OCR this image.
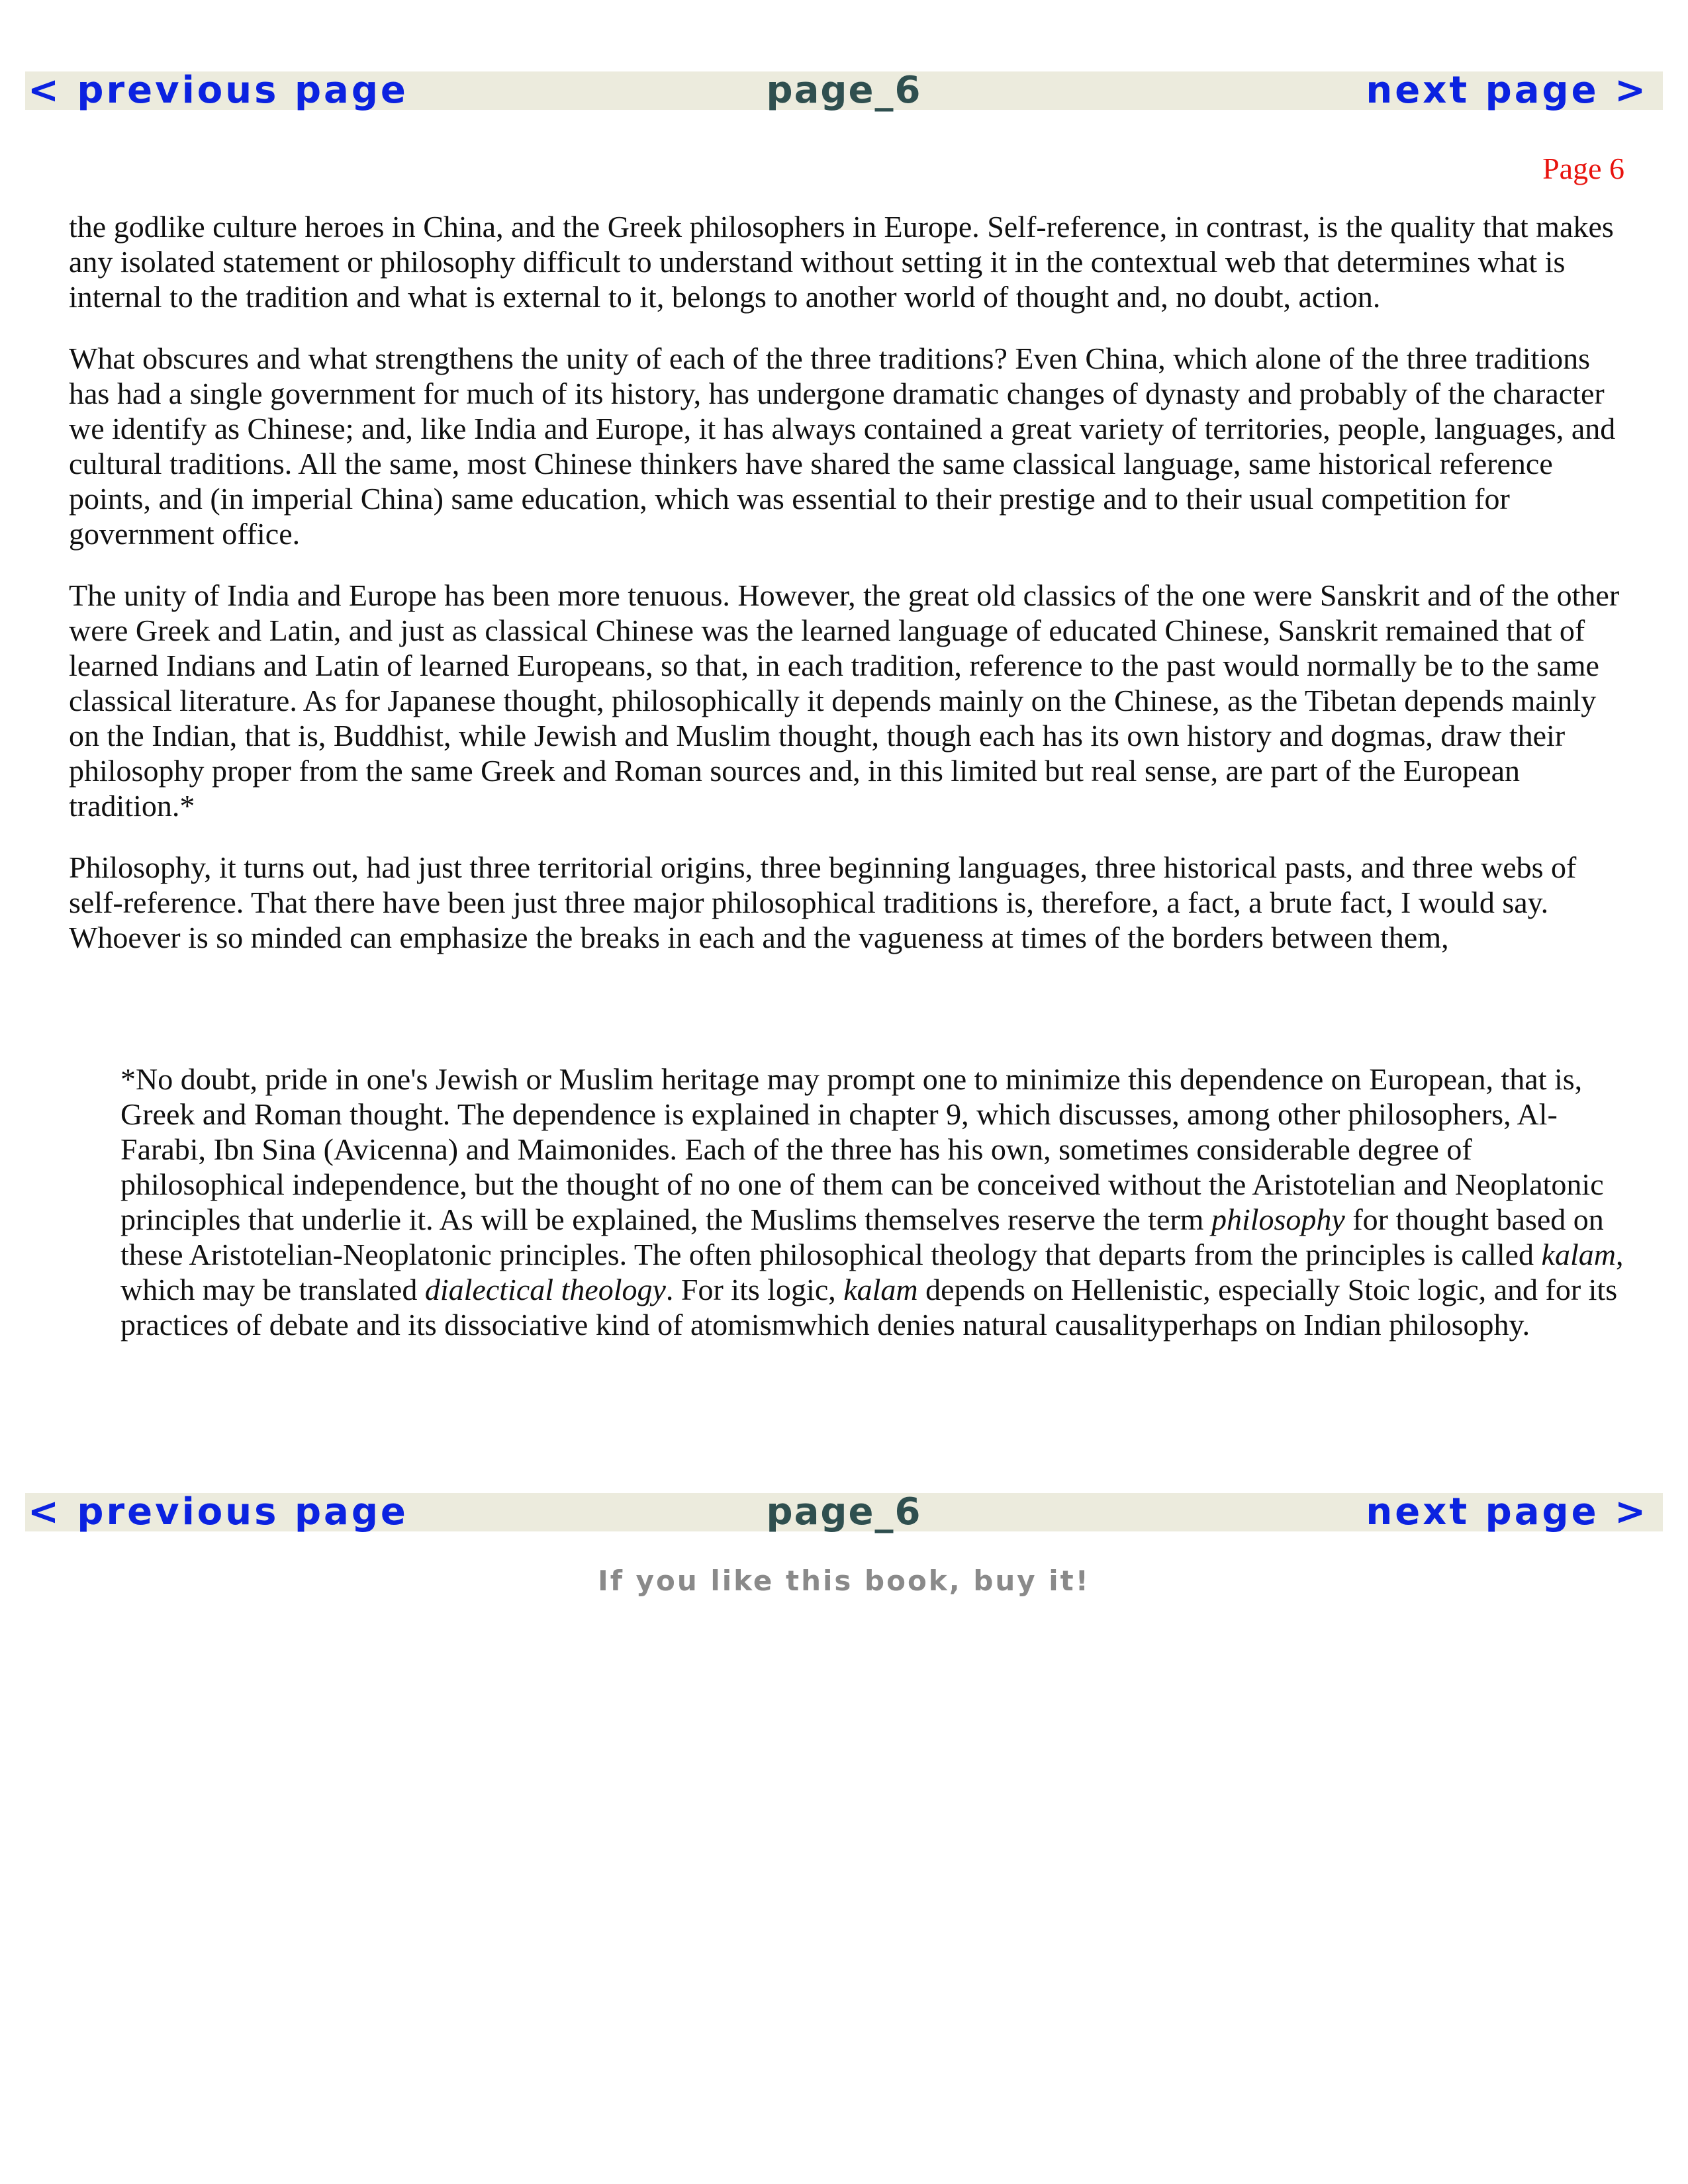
< previous page	page_6	next page >
Page 6

the godlike culture heroes in China, and the Greek philosophers in Europe. Self-reference, in contrast, is the quality that makes any isolated statement or philosophy difficult to understand without setting it in the contextual web that determines what is internal to the tradition and what is external to it, belongs to another world of thought and, no doubt, action.

What obscures and what strengthens the unity of each of the three traditions? Even China, which alone of the three traditions has had a single government for much of its history, has undergone dramatic changes of dynasty and probably of the character we identify as Chinese; and, like India and Europe, it has always contained a great variety of territories, people, languages, and cultural traditions. All the same, most Chinese thinkers have shared the same classical language, same historical reference points, and (in imperial China) same education, which was essential to their prestige and to their usual competition for government office.

The unity of India and Europe has been more tenuous. However, the great old classics of the one were Sanskrit and of the other were Greek and Latin, and just as classical Chinese was the learned language of educated Chinese, Sanskrit remained that of learned Indians and Latin of learned Europeans, so that, in each tradition, reference to the past would normally be to the same classical literature. As for Japanese thought, philosophically it depends mainly on the Chinese, as the Tibetan depends mainly on the Indian, that is, Buddhist, while Jewish and Muslim thought, though each has its own history and dogmas, draw their philosophy proper from the same Greek and Roman sources and, in this limited but real sense, are part of the European tradition.*

Philosophy, it turns out, had just three territorial origins, three beginning languages, three historical pasts, and three webs of self-reference. That there have been just three major philosophical traditions is, therefore, a fact, a brute fact, I would say. Whoever is so minded can emphasize the breaks in each and the vagueness at times of the borders between them,

*No doubt, pride in one's Jewish or Muslim heritage may prompt one to minimize this dependence on European, that is, Greek and Roman thought. The dependence is explained in chapter 9, which discusses, among other philosophers, Al-Farabi, Ibn Sina (Avicenna) and Maimonides. Each of the three has his own, sometimes considerable degree of philosophical independence, but the thought of no one of them can be conceived without the Aristotelian and Neoplatonic principles that underlie it. As will be explained, the Muslims themselves reserve the term philosophy for thought based on these Aristotelian-Neoplatonic principles. The often philosophical theology that departs from the principles is called kalam, which may be translated dialectical theology. For its logic, kalam depends on Hellenistic, especially Stoic logic, and for its practices of debate and its dissociative kind of atomismwhich denies natural causalityperhaps on Indian philosophy.

< previous page	page_6	next page >
If you like this book, buy it!
